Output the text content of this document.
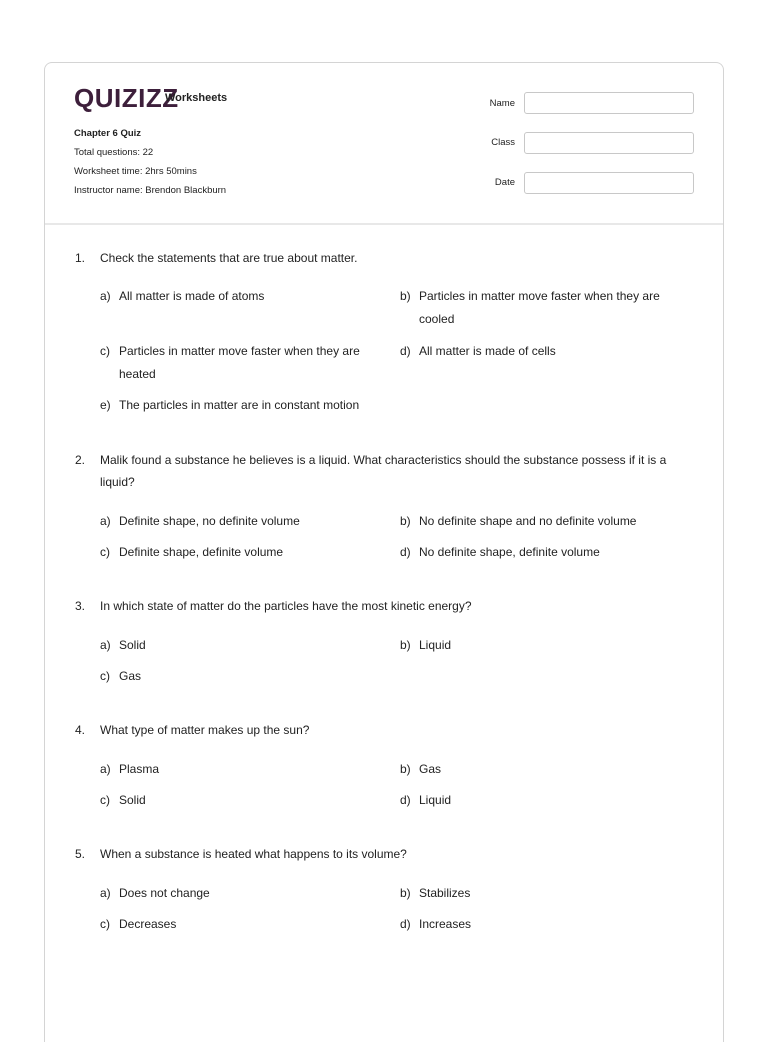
QUIZIZZ
Worksheets
Chapter 6 Quiz
Total questions: 22
Worksheet time: 2hrs 50mins
Instructor name: Brendon Blackburn
Name
Class
Date
1. Check the statements that are true about matter.
a) All matter is made of atoms	b) Particles in matter move faster when they are cooled
c) Particles in matter move faster when they are heated
d) All matter is made of cells
e) The particles in matter are in constant motion
2. Malik found a substance he believes is a liquid. What characteristics should the substance possess if it is a liquid?
a) Definite shape, no definite volume	b) No definite shape and no definite volume
c) Definite shape, definite volume	d) No definite shape, definite volume
3. In which state of matter do the particles have the most kinetic energy?
a) Solid	b) Liquid
c) Gas
4. What type of matter makes up the sun?
a) Plasma	b) Gas
c) Solid	d) Liquid
5. When a substance is heated what happens to its volume?
a) Does not change	b) Stabilizes
c) Decreases	d) Increases
